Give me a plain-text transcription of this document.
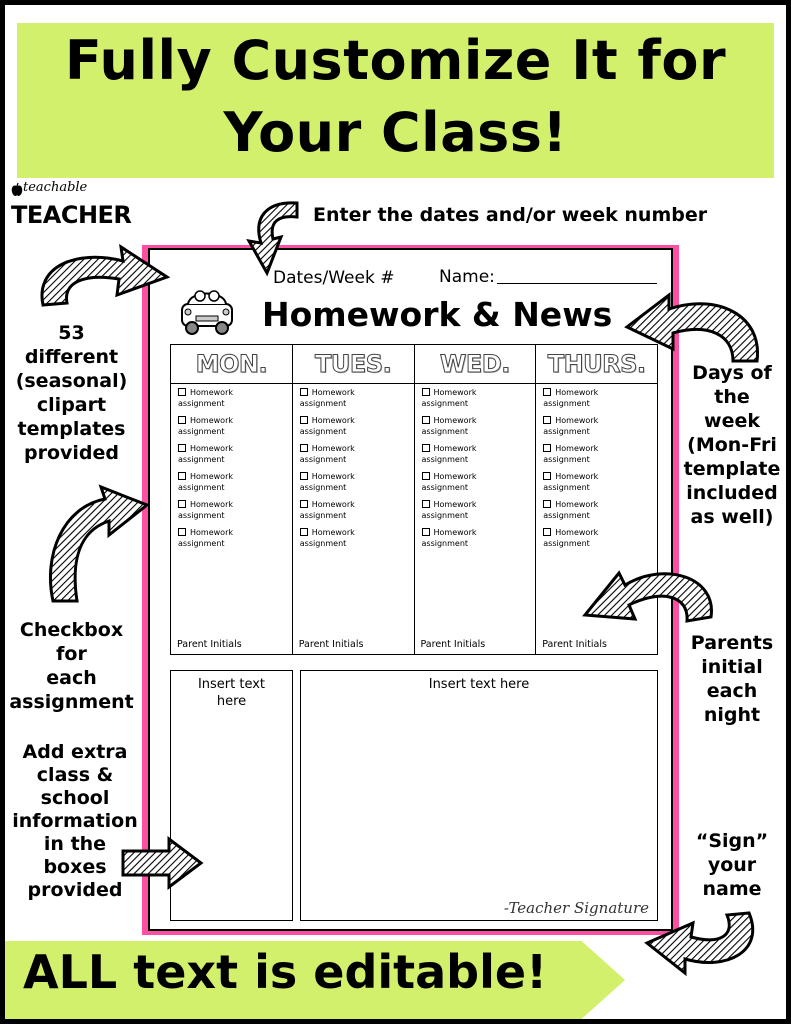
Fully Customize It for
Your Class!
teachable
TEACHER	Enter the dates and/or week number
53
different
(seasonal)
clipart
templates
provided
Days of
the
week
(Mon-Fri
template
included
as well)
Checkbox
for
each
assignment
Parents
initial
each
night
Add extra
class &
school
information
in the
boxes
provided
“Sign”
your
name
Dates/Week #	Name:
Homework & News
MON.
Homework
assignment
Homework
assignment
Homework
assignment
Homework
assignment
Homework
assignment
Homework
assignment
Parent Initials
TUES.
Homework
assignment
Homework
assignment
Homework
assignment
Homework
assignment
Homework
assignment
Homework
assignment
Parent Initials
WED.
Homework
assignment
Homework
assignment
Homework
assignment
Homework
assignment
Homework
assignment
Homework
assignment
Parent Initials
THURS.
Homework
assignment
Homework
assignment
Homework
assignment
Homework
assignment
Homework
assignment
Homework
assignment
Parent Initials
Insert text
here
Insert text here
-Teacher Signature
ALL text is editable!
